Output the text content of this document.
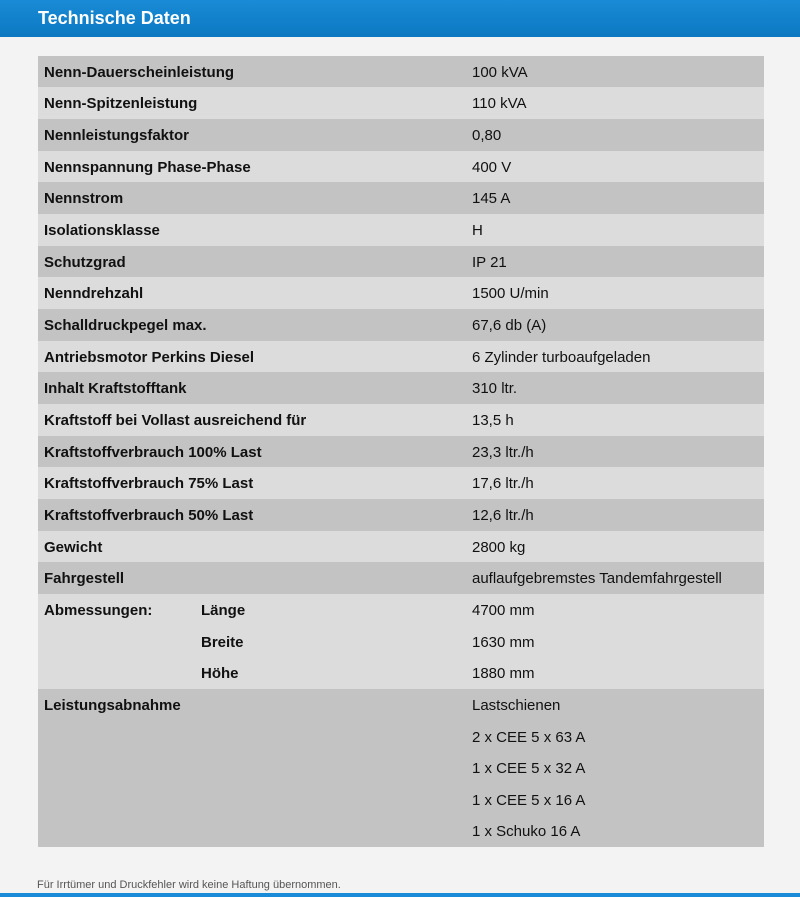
Technische Daten
Nenn-Dauerscheinleistung	100 kVA
Nenn-Spitzenleistung	110 kVA
Nennleistungsfaktor	0,80
Nennspannung Phase-Phase	400 V
Nennstrom	145 A
Isolationsklasse	H
Schutzgrad	IP 21
Nenndrehzahl	1500 U/min
Schalldruckpegel max.	67,6 db (A)
Antriebsmotor Perkins Diesel	6 Zylinder turboaufgeladen
Inhalt Kraftstofftank	310 ltr.
Kraftstoff bei Vollast ausreichend für	13,5 h
Kraftstoffverbrauch 100% Last	23,3 ltr./h
Kraftstoffverbrauch 75% Last	17,6 ltr./h
Kraftstoffverbrauch 50% Last	12,6 ltr./h
Gewicht	2800 kg
Fahrgestell	auflaufgebremstes Tandemfahrgestell
Abmessungen:	Länge	4700 mm
Breite	1630 mm
Höhe	1880 mm
Leistungsabnahme	Lastschienen
2 x CEE 5 x 63 A
1 x CEE 5 x 32 A
1 x CEE 5 x 16 A
1 x Schuko 16 A
Für Irrtümer und Druckfehler wird keine Haftung übernommen.
